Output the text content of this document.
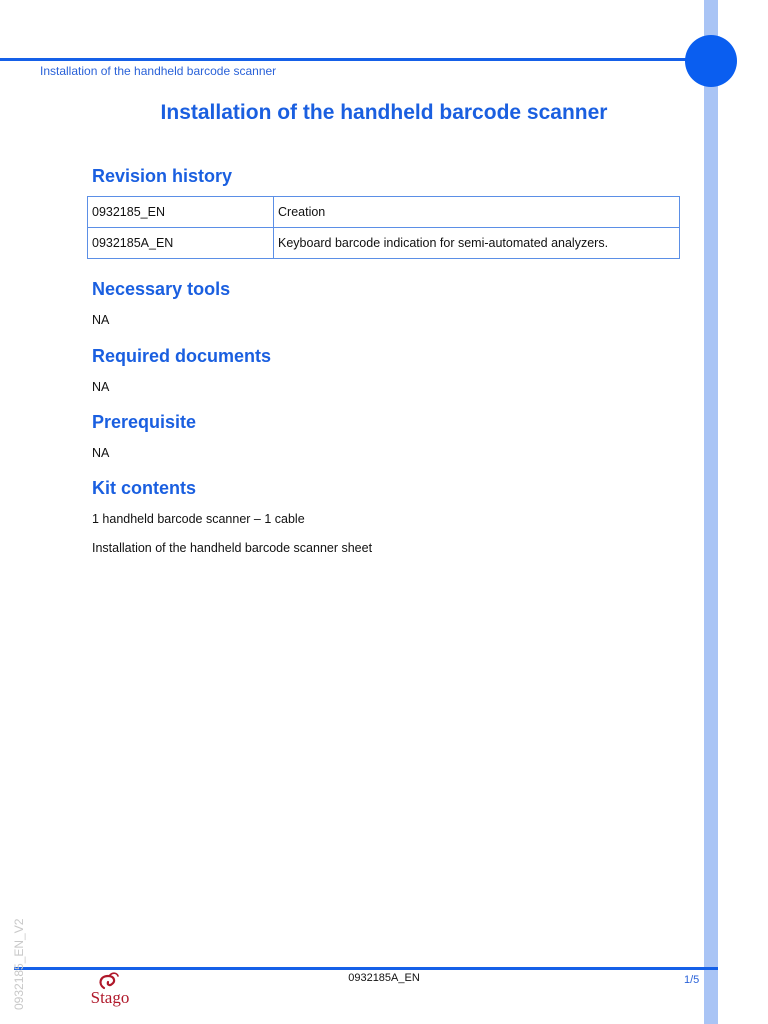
Installation of the handheld barcode scanner
Installation of the handheld barcode scanner
Revision history
0932185_EN	Creation
0932185A_EN	Keyboard barcode indication for semi-automated analyzers.
Necessary tools
NA
Required documents
NA
Prerequisite
NA
Kit contents
1 handheld barcode scanner – 1 cable
Installation of the handheld barcode scanner sheet
0932185A_EN	1/5
0932185_EN_V2	Stago
